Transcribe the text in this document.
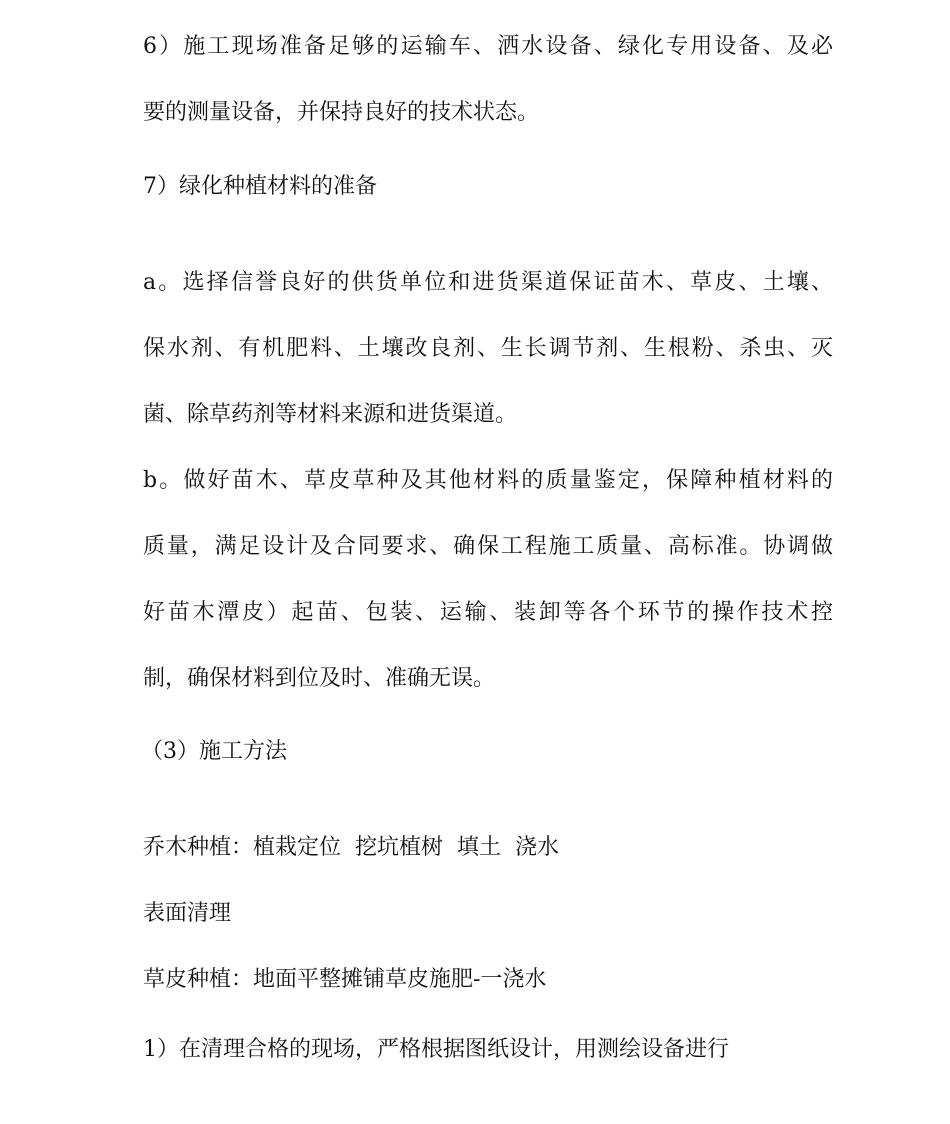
6）施工现场准备足够的运输车、洒水设备、绿化专用设备、及必

要的测量设备，并保持良好的技术状态。

7）绿化种植材料的准备

a。选择信誉良好的供货单位和进货渠道保证苗木、草皮、土壤、

保水剂、有机肥料、土壤改良剂、生长调节剂、生根粉、杀虫、灭

菌、除草药剂等材料来源和进货渠道。

b。做好苗木、草皮草种及其他材料的质量鉴定，保障种植材料的

质量，满足设计及合同要求、确保工程施工质量、高标准。协调做

好苗木潭皮）起苗、包装、运输、装卸等各个环节的操作技术控

制，确保材料到位及时、准确无误。

（3）施工方法

乔木种植：植栽定位  挖坑植树  填土  浇水

表面清理

草皮种植：地面平整摊铺草皮施肥-一浇水

1）在清理合格的现场，严格根据图纸设计，用测绘设备进行
